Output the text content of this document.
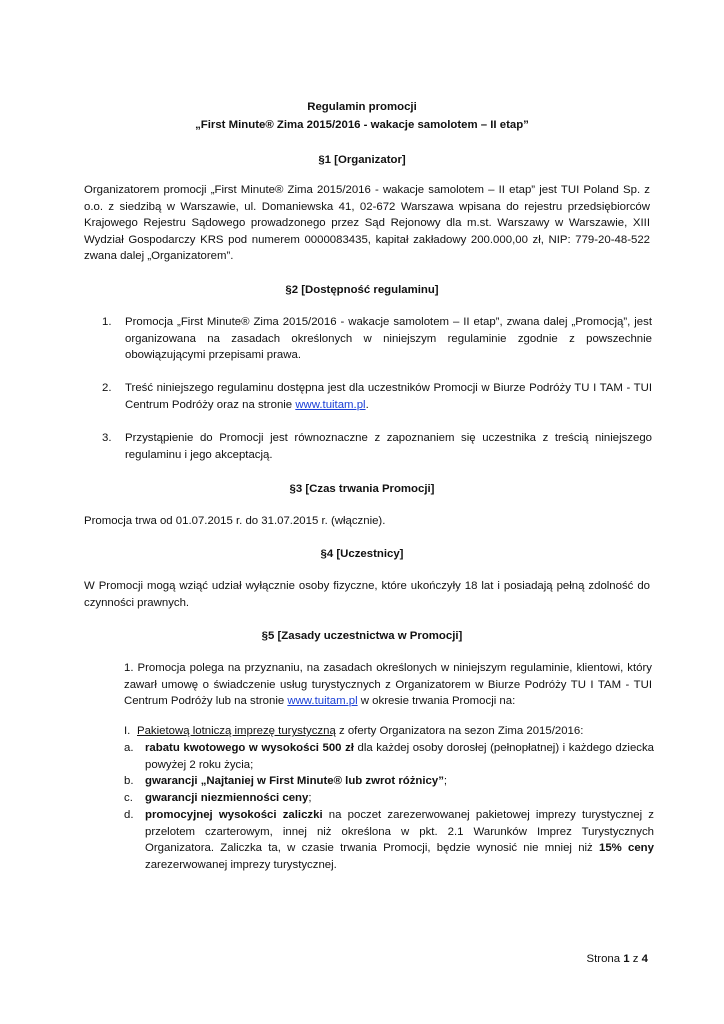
Regulamin promocji
„First Minute® Zima 2015/2016 - wakacje samolotem – II etap”
§1 [Organizator]
Organizatorem promocji „First Minute® Zima 2015/2016 - wakacje samolotem – II etap” jest TUI Poland Sp. z o.o. z siedzibą w Warszawie, ul. Domaniewska 41, 02-672 Warszawa wpisana do rejestru przedsiębiorców Krajowego Rejestru Sądowego prowadzonego przez Sąd Rejonowy dla m.st. Warszawy w Warszawie, XIII Wydział Gospodarczy KRS pod numerem 0000083435, kapitał zakładowy 200.000,00 zł, NIP: 779-20-48-522 zwana dalej „Organizatorem”.
§2 [Dostępność regulaminu]
1. Promocja „First Minute® Zima 2015/2016 - wakacje samolotem – II etap”, zwana dalej „Promocją”, jest organizowana na zasadach określonych w niniejszym regulaminie zgodnie z powszechnie obowiązującymi przepisami prawa.
2. Treść niniejszego regulaminu dostępna jest dla uczestników Promocji w Biurze Podróży TU I TAM - TUI Centrum Podróży oraz na stronie www.tuitam.pl.
3. Przystąpienie do Promocji jest równoznaczne z zapoznaniem się uczestnika z treścią niniejszego regulaminu i jego akceptacją.
§3 [Czas trwania Promocji]
Promocja trwa od 01.07.2015 r. do 31.07.2015 r. (włącznie).
§4 [Uczestnicy]
W Promocji mogą wziąć udział wyłącznie osoby fizyczne, które ukończyły 18 lat i posiadają pełną zdolność do czynności prawnych.
§5 [Zasady uczestnictwa w Promocji]
1. Promocja polega na przyznaniu, na zasadach określonych w niniejszym regulaminie, klientowi, który zawarł umowę o świadczenie usług turystycznych z Organizatorem w Biurze Podróży TU I TAM - TUI Centrum Podróży lub na stronie www.tuitam.pl w okresie trwania Promocji na:
I. Pakietową lotniczą imprezę turystyczną z oferty Organizatora na sezon Zima 2015/2016:
a. rabatu kwotowego w wysokości 500 zł dla każdej osoby dorosłej (pełnopłatnej) i każdego dziecka powyżej 2 roku życia;
b. gwarancji „Najtaniej w First Minute® lub zwrot różnicy”;
c. gwarancji niezmienności ceny;
d. promocyjnej wysokości zaliczki na poczet zarezerwowanej pakietowej imprezy turystycznej z przelotem czarterowym, innej niż określona w pkt. 2.1 Warunków Imprez Turystycznych Organizatora. Zaliczka ta, w czasie trwania Promocji, będzie wynosić nie mniej niż 15% ceny zarezerwowanej imprezy turystycznej.
Strona 1 z 4
